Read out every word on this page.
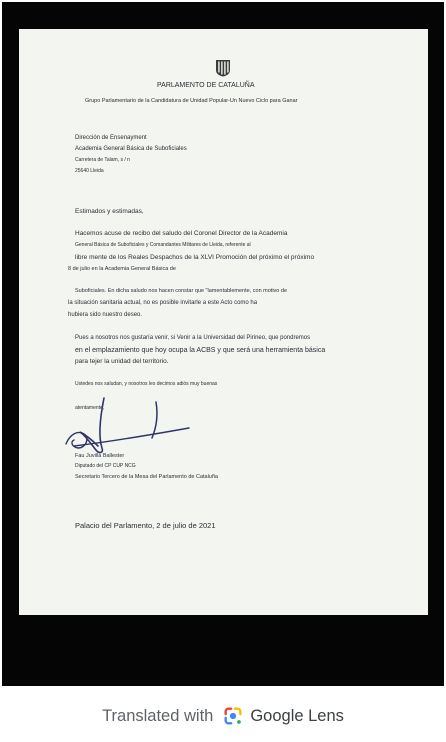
PARLAMENTO DE CATALUÑA
Grupo Parlamentario de la Candidatura de Unidad Popular-Un Nuevo Ciclo para Ganar
Dirección de Ensenayment
Academia General Básica de Suboficiales
Carretera de Talam, s / n
25640 Lleida
Estimados y estimadas,
Hacemos acuse de recibo del saludo del Coronel Director de la Academia
General Básica de Suboficiales y Comandantes Militares de Lleida, referente al
libre mente de los Reales Despachos de la XLVI Promoción del próximo el próximo
8 de julio en la Academia General Básica de
Suboficiales. En dicha saludo nos hacen constar que "lamentablemente, con motivo de
la situación sanitaria actual, no es posible invitarle a este Acto como ha
hubiera sido nuestro deseo.
Pues a nosotros nos gustaría venir, si Venir a la Universidad del Pirineo, que pondremos
en el emplazamiento que hoy ocupa la ACBS y que será una herramienta básica
para tejer la unidad del territorio.
Ustedes nos saludan, y nosotros les decimos adiós muy buenas
atentamente,
Fau Juvillà Ballester
Diputado del CP CUP NCG
Secretario Tercero de la Mesa del Parlamento de Cataluña
Palacio del Parlamento, 2 de julio de 2021
Translated with Google Lens
